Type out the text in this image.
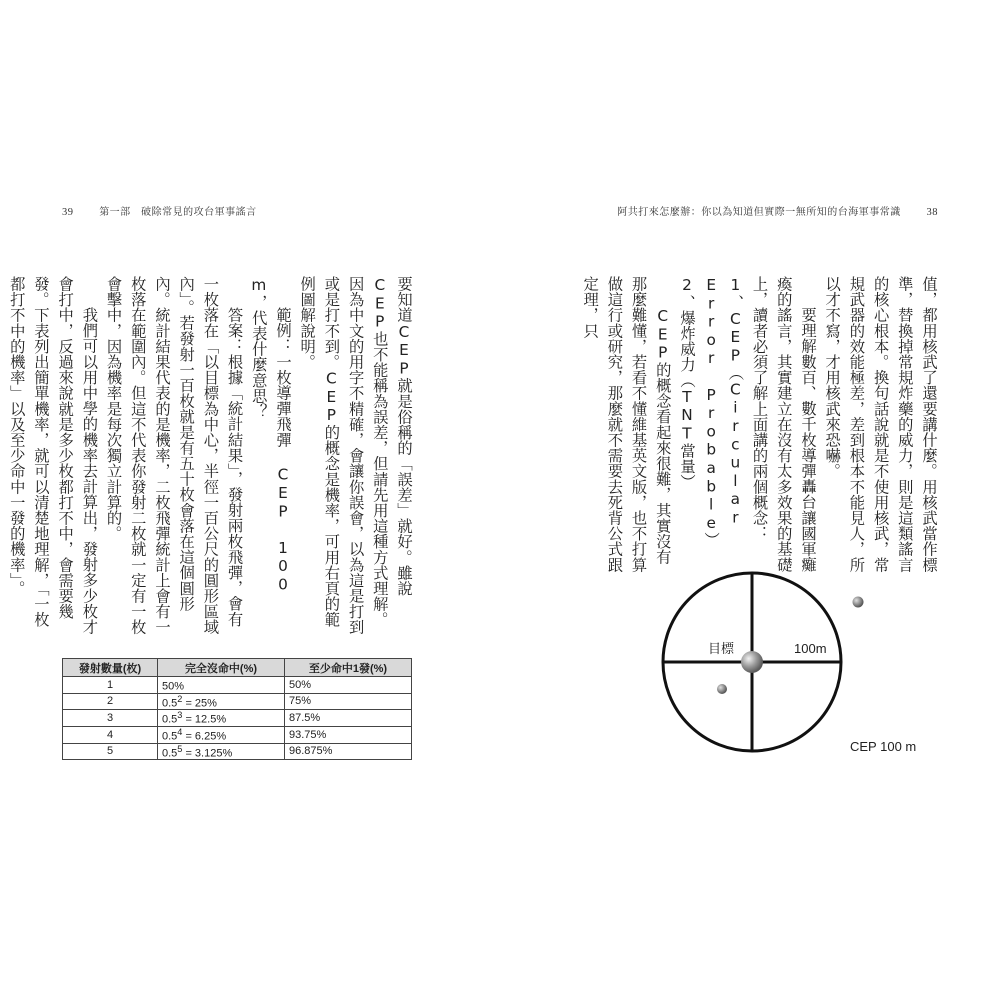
39	第一部　破除常見的攻台軍事謠言	阿共打來怎麼辦：你以為知道但實際一無所知的台海軍事常識 38

要知道CEP就是俗稱的「誤差」就好。雖說CEP也不能稱為誤差，但請先用這種方式理解。因為中文的用字不精確，會讓你誤會，以為這是打到或是打不到。CEP的概念是機率，可用右頁的範例圖解說明。

範例：一枚導彈飛彈 CEP 100 m，代表什麼意思？

答案：根據「統計結果」，發射兩枚飛彈，會有一枚落在「以目標為中心，半徑一百公尺的圓形區域內」。若發射一百枚就是有五十枚會落在這個圓形內。統計結果代表的是機率，二枚飛彈統計上會有一枚落在範圍內。但這不代表你發射二枚就一定有一枚會擊中，因為機率是每次獨立計算的。

我們可以用中學的機率去計算出，發射多少枚才會打中，反過來說就是多少枚都打不中，會需要幾發。下表列出簡單機率，就可以清楚地理解，「一枚都打不中的機率」以及至少命中一發的機率」。

發射數量(枚)	完全沒命中(%)	至少命中1發(%)
1	50%	50%
2	$0.5^2 = 25\%$	75%
3	$0.5^3 = 12.5\%$	87.5%
4	$0.5^4 = 6.25\%$	93.75%
5	$0.5^5 = 3.125\%$	96.875%

值，都用核武了還要講什麼。用核武當作標準，替換掉常規炸藥的威力，則是這類謠言的核心根本。換句話說就是不使用核武，常規武器的效能極差，差到根本不能見人，所以才不寫，才用核武來恐嚇。

要理解數百、數千枚導彈轟台讓國軍癱瘓的謠言，其實建立在沒有太多效果的基礎上，讀者必須了解上面講的兩個概念：

1、CEP（Circular Error Probable）

2、爆炸威力（TNT當量）

CEP的概念看起來很難，其實沒有那麼難懂，若看不懂維基英文版，也不打算做這行或研究，那麼就不需要去死背公式跟定理，只

目標	100m
CEP 100 m
